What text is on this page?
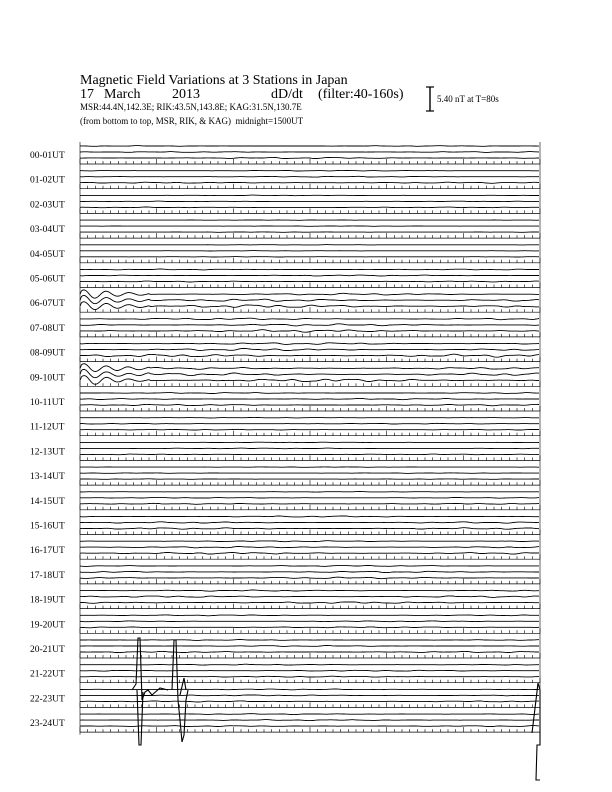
Magnetic Field Variations at 3 Stations in Japan
17 March 2013	dD/dt (filter:40-160s)
MSR:44.4N,142.3E; RIK:43.5N,143.8E; KAG:31.5N,130.7E
(from bottom to top, MSR, RIK, & KAG) midnight=1500UT
5.40 nT at T=80s
00-01UT
01-02UT
02-03UT
03-04UT
04-05UT
05-06UT
06-07UT
07-08UT
08-09UT
09-10UT
10-11UT
11-12UT
12-13UT
13-14UT
14-15UT
15-16UT
16-17UT
17-18UT
18-19UT
19-20UT
20-21UT
21-22UT
22-23UT
23-24UT
